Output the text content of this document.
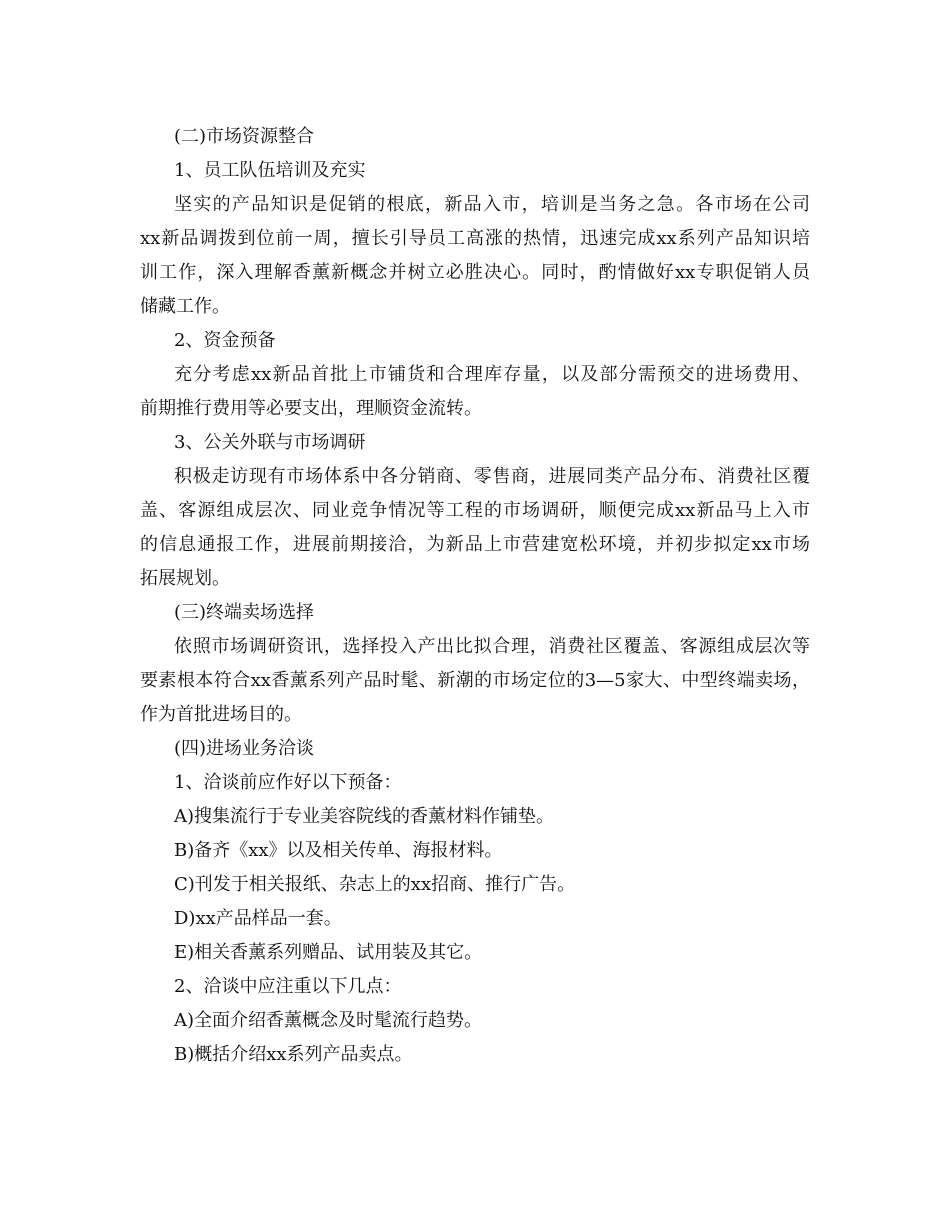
(二)市场资源整合
1、员工队伍培训及充实
坚实的产品知识是促销的根底，新品入市，培训是当务之急。各市场在公司
xx新品调拨到位前一周，擅长引导员工高涨的热情，迅速完成xx系列产品知识培
训工作，深入理解香薰新概念并树立必胜决心。同时，酌情做好xx专职促销人员
储藏工作。
2、资金预备
充分考虑xx新品首批上市铺货和合理库存量，以及部分需预交的进场费用、
前期推行费用等必要支出，理顺资金流转。
3、公关外联与市场调研
积极走访现有市场体系中各分销商、零售商，进展同类产品分布、消费社区覆
盖、客源组成层次、同业竞争情况等工程的市场调研，顺便完成xx新品马上入市
的信息通报工作，进展前期接洽，为新品上市营建宽松环境，并初步拟定xx市场
拓展规划。
(三)终端卖场选择
依照市场调研资讯，选择投入产出比拟合理，消费社区覆盖、客源组成层次等
要素根本符合xx香薰系列产品时髦、新潮的市场定位的3—5家大、中型终端卖场，
作为首批进场目的。
(四)进场业务洽谈
1、洽谈前应作好以下预备：
A)搜集流行于专业美容院线的香薰材料作铺垫。
B)备齐《xx》以及相关传单、海报材料。
C)刊发于相关报纸、杂志上的xx招商、推行广告。
D)xx产品样品一套。
E)相关香薰系列赠品、试用装及其它。
2、洽谈中应注重以下几点：
A)全面介绍香薰概念及时髦流行趋势。
B)概括介绍xx系列产品卖点。
